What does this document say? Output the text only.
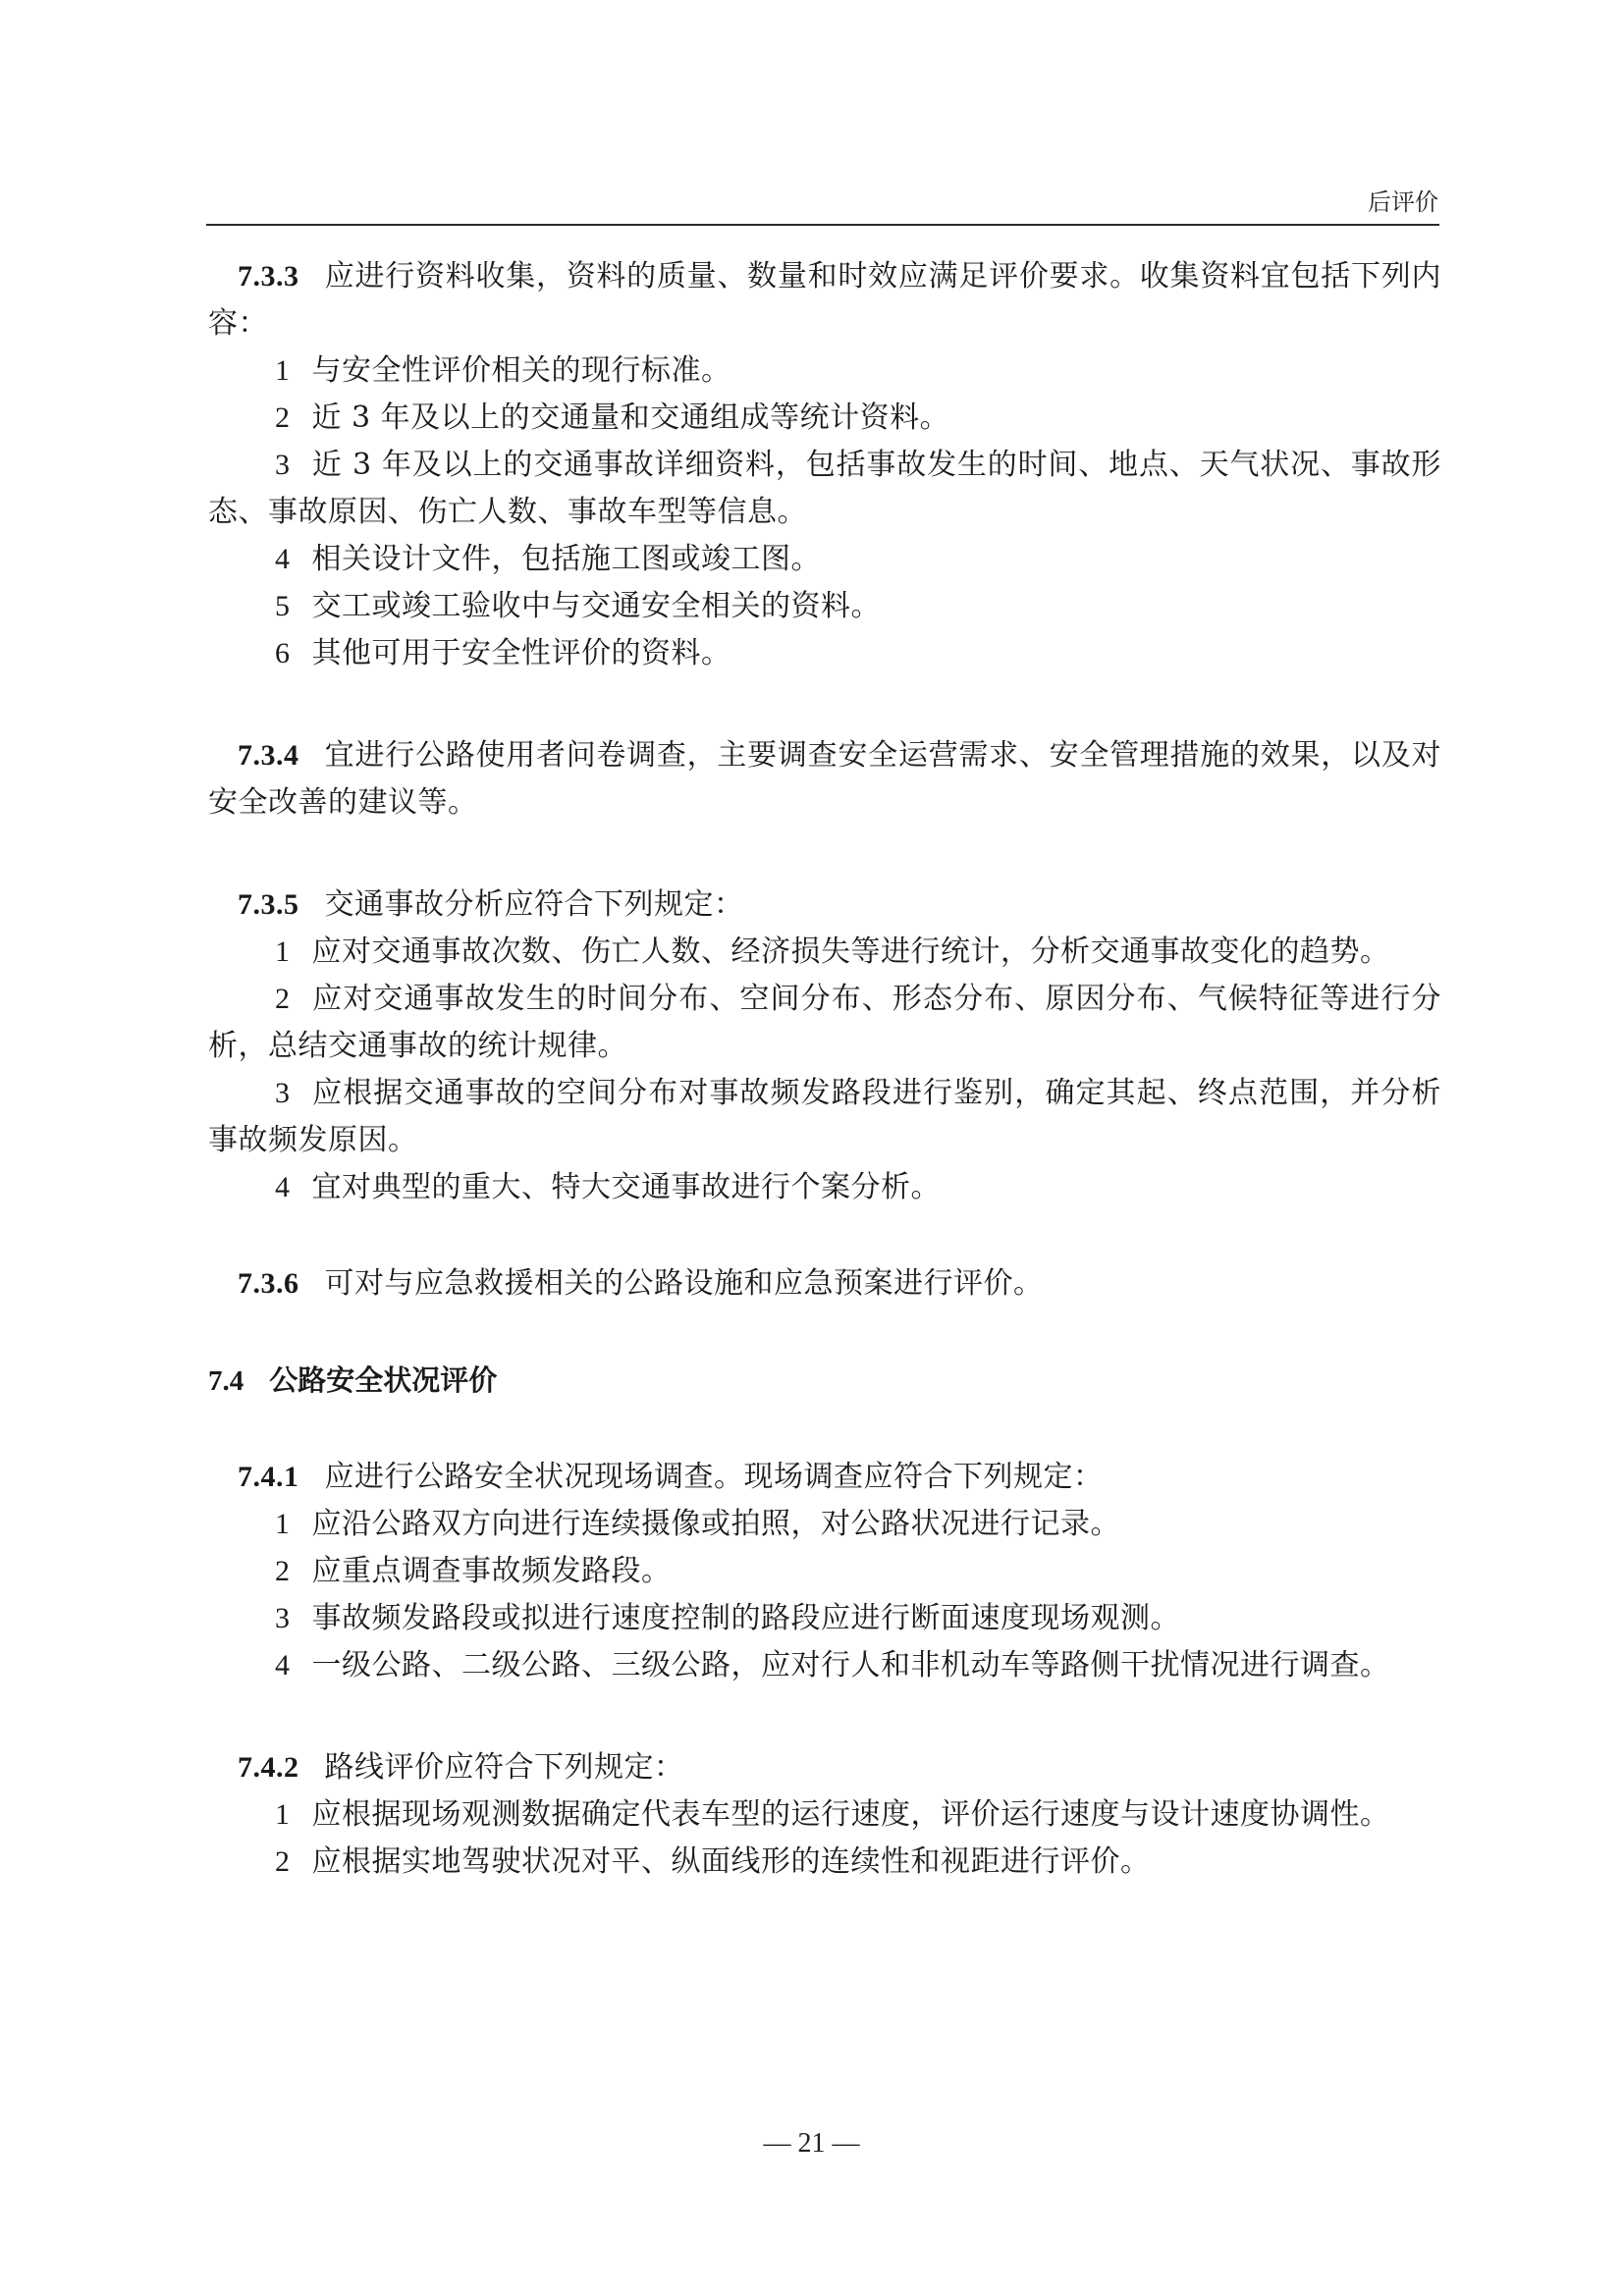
后评价

7.3.3 应进行资料收集，资料的质量、数量和时效应满足评价要求。收集资料宜包括下列内容：

1 与安全性评价相关的现行标准。

2 近 3 年及以上的交通量和交通组成等统计资料。

3 近 3 年及以上的交通事故详细资料，包括事故发生的时间、地点、天气状况、事故形态、事故原因、伤亡人数、事故车型等信息。

4 相关设计文件，包括施工图或竣工图。

5 交工或竣工验收中与交通安全相关的资料。

6 其他可用于安全性评价的资料。

7.3.4 宜进行公路使用者问卷调查，主要调查安全运营需求、安全管理措施的效果，以及对安全改善的建议等。

7.3.5 交通事故分析应符合下列规定：

1 应对交通事故次数、伤亡人数、经济损失等进行统计，分析交通事故变化的趋势。

2 应对交通事故发生的时间分布、空间分布、形态分布、原因分布、气候特征等进行分析，总结交通事故的统计规律。

3 应根据交通事故的空间分布对事故频发路段进行鉴别，确定其起、终点范围，并分析事故频发原因。

4 宜对典型的重大、特大交通事故进行个案分析。

7.3.6 可对与应急救援相关的公路设施和应急预案进行评价。

7.4 公路安全状况评价

7.4.1 应进行公路安全状况现场调查。现场调查应符合下列规定：

1 应沿公路双方向进行连续摄像或拍照，对公路状况进行记录。

2 应重点调查事故频发路段。

3 事故频发路段或拟进行速度控制的路段应进行断面速度现场观测。

4 一级公路、二级公路、三级公路，应对行人和非机动车等路侧干扰情况进行调查。

7.4.2 路线评价应符合下列规定：

1 应根据现场观测数据确定代表车型的运行速度，评价运行速度与设计速度协调性。

2 应根据实地驾驶状况对平、纵面线形的连续性和视距进行评价。

— 21 —
